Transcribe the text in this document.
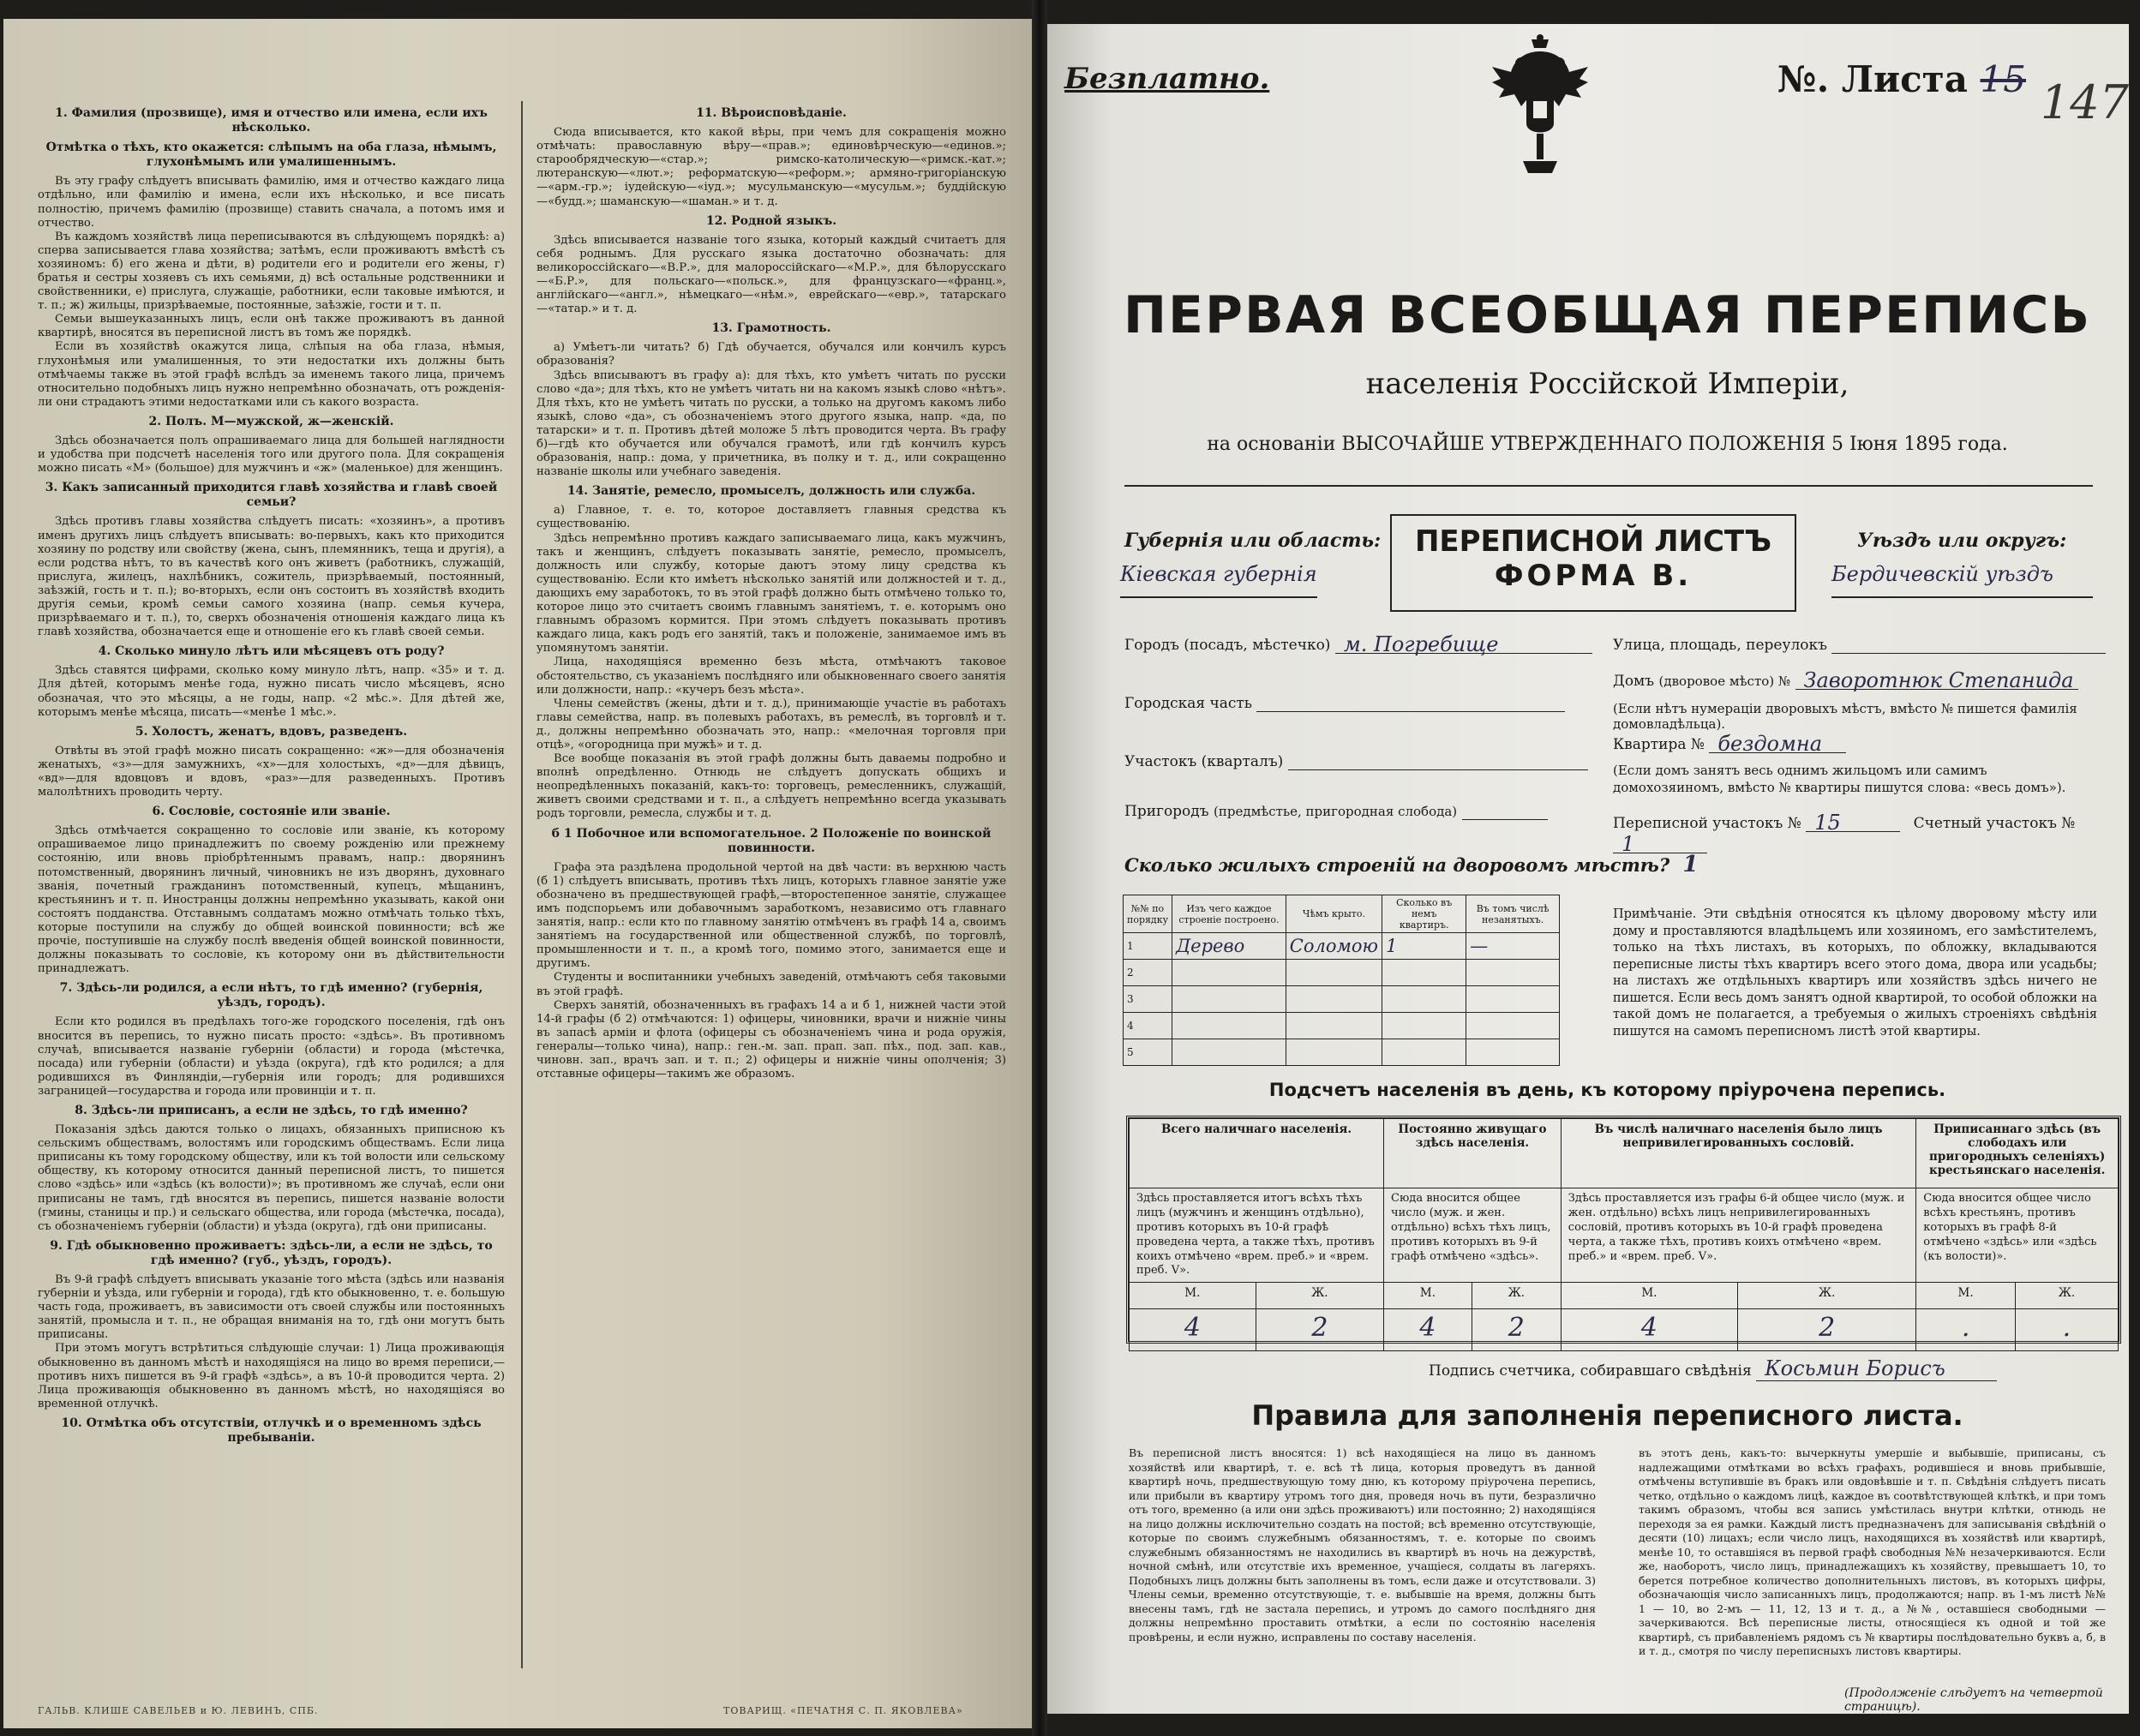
1. Фамилия (прозвище), имя и отчество или имена, если ихъ нѣсколько.
Отмѣтка о тѣхъ, кто окажется: слѣпымъ на оба глаза, нѣмымъ, глухонѣмымъ или умалишеннымъ.

Въ эту графу слѣдуетъ вписывать фамилію, имя и отчество каждаго лица отдѣльно, или фамилію и имена, если ихъ нѣсколько, и все писать полностію, причемъ фамилію (прозвище) ставить сначала, а потомъ имя и отчество.

Въ каждомъ хозяйствѣ лица переписываются въ слѣдующемъ порядкѣ: а) сперва записывается глава хозяйства; затѣмъ, если проживаютъ вмѣстѣ съ хозяиномъ: б) его жена и дѣти, в) родители его и родители его жены, г) братья и сестры хозяевъ съ ихъ семьями, д) всѣ остальные родственники и свойственники, е) прислуга, служащіе, работники, если таковые имѣются, и т. п.; ж) жильцы, призрѣваемые, постоянные, заѣзжіе, гости и т. п.

Семьи вышеуказанныхъ лицъ, если онѣ также проживаютъ въ данной квартирѣ, вносятся въ переписной листъ въ томъ же порядкѣ.

Если въ хозяйствѣ окажутся лица, слѣпыя на оба глаза, нѣмыя, глухонѣмыя или умалишенныя, то эти недостатки ихъ должны быть отмѣчаемы также въ этой графѣ вслѣдъ за именемъ такого лица, причемъ относительно подобныхъ лицъ нужно непремѣнно обозначать, отъ рожденія-ли они страдаютъ этими недостатками или съ какого возраста.

2. Полъ. М—мужской, ж—женскій.

Здѣсь обозначается полъ опрашиваемаго лица для большей наглядности и удобства при подсчетѣ населенія того или другого пола. Для сокращенія можно писать «М» (большое) для мужчинъ и «ж» (маленькое) для женщинъ.

3. Какъ записанный приходится главѣ хозяйства и главѣ своей семьи?

Здѣсь противъ главы хозяйства слѣдуетъ писать: «хозяинъ», а противъ именъ другихъ лицъ слѣдуетъ вписывать: во-первыхъ, какъ кто приходится хозяину по родству или свойству (жена, сынъ, племянникъ, теща и другія), а если родства нѣтъ, то въ качествѣ кого онъ живетъ (работникъ, служащій, прислуга, жилецъ, нахлѣбникъ, сожитель, призрѣваемый, постоянный, заѣзжій, гость и т. п.); во-вторыхъ, если онъ состоитъ въ хозяйствѣ входить другія семьи, кромѣ семьи самого хозяина (напр. семья кучера, призрѣваемаго и т. п.), то, сверхъ обозначенія отношенія каждаго лица къ главѣ хозяйства, обозначается еще и отношеніе его къ главѣ своей семьи.

4. Сколько минуло лѣтъ или мѣсяцевъ отъ роду?

Здѣсь ставятся цифрами, сколько кому минуло лѣтъ, напр. «35» и т. д. Для дѣтей, которымъ менѣе года, нужно писать число мѣсяцевъ, ясно обозначая, что это мѣсяцы, а не годы, напр. «2 мѣс.». Для дѣтей же, которымъ менѣе мѣсяца, писать—«менѣе 1 мѣс.».

5. Холостъ, женатъ, вдовъ, разведенъ.

Отвѣты въ этой графѣ можно писать сокращенно: «ж»—для обозначенія женатыхъ, «з»—для замужнихъ, «х»—для холостыхъ, «д»—для дѣвицъ, «вд»—для вдовцовъ и вдовъ, «раз»—для разведенныхъ. Противъ малолѣтнихъ проводить черту.

6. Сословіе, состояніе или званіе.

Здѣсь отмѣчается сокращенно то сословіе или званіе, къ которому опрашиваемое лицо принадлежитъ по своему рожденію или прежнему состоянію, или вновь пріобрѣтеннымъ правамъ, напр.: дворянинъ потомственный, дворянинъ личный, чиновникъ не изъ дворянъ, духовнаго званія, почетный гражданинъ потомственный, купецъ, мѣщанинъ, крестьянинъ и т. п. Иностранцы должны непремѣнно указывать, какой они состоятъ подданства. Отставнымъ солдатамъ можно отмѣчать только тѣхъ, которые поступили на службу до общей воинской повинности; всѣ же прочіе, поступившіе на службу послѣ введенія общей воинской повинности, должны показывать то сословіе, къ которому они въ дѣйствительности принадлежатъ.

7. Здѣсь-ли родился, а если нѣтъ, то гдѣ именно? (губернія, уѣздъ, городъ).

Если кто родился въ предѣлахъ того-же городского поселенія, гдѣ онъ вносится въ перепись, то нужно писать просто: «здѣсь». Въ противномъ случаѣ, вписывается названіе губерніи (области) и города (мѣстечка, посада) или губерніи (области) и уѣзда (округа), гдѣ кто родился; а для родившихся въ Финляндіи,—губернія или городъ; для родившихся заграницей—государства и города или провинціи и т. п.

8. Здѣсь-ли приписанъ, а если не здѣсь, то гдѣ именно?

Показанія здѣсь даются только о лицахъ, обязанныхъ приписною къ сельскимъ обществамъ, волостямъ или городскимъ обществамъ. Если лица приписаны къ тому городскому обществу, или къ той волости или сельскому обществу, къ которому относится данный переписной листъ, то пишется слово «здѣсь» или «здѣсь (къ волости)»; въ противномъ же случаѣ, если они приписаны не тамъ, гдѣ вносятся въ перепись, пишется названіе волости (гмины, станицы и пр.) и сельскаго общества, или города (мѣстечка, посада), съ обозначеніемъ губерніи (области) и уѣзда (округа), гдѣ они приписаны.

9. Гдѣ обыкновенно проживаетъ: здѣсь-ли, а если не здѣсь, то гдѣ именно? (губ., уѣздъ, городъ).

Въ 9-й графѣ слѣдуетъ вписывать указаніе того мѣста (здѣсь или названія губерніи и уѣзда, или губерніи и города), гдѣ кто обыкновенно, т. е. большую часть года, проживаетъ, въ зависимости отъ своей службы или постоянныхъ занятій, промысла и т. п., не обращая вниманія на то, гдѣ они могутъ быть приписаны.

При этомъ могутъ встрѣтиться слѣдующіе случаи: 1) Лица проживающія обыкновенно въ данномъ мѣстѣ и находящіяся на лицо во время переписи,—противъ нихъ пишется въ 9-й графѣ «здѣсь», а въ 10-й проводится черта. 2) Лица проживающія обыкновенно въ данномъ мѣстѣ, но находящіяся во временной отлучкѣ.

10. Отмѣтка объ отсутствіи, отлучкѣ и о временномъ здѣсь пребываніи.
11. Вѣроисповѣданіе.

Сюда вписывается, кто какой вѣры, при чемъ для сокращенія можно отмѣчать: православную вѣру—«прав.»; единовѣрческую—«единов.»; старообрядческую—«стар.»; римско-католическую—«римск.-кат.»; лютеранскую—«лют.»; реформатскую—«реформ.»; армяно-григоріанскую—«арм.-гр.»; іудейскую—«іуд.»; мусульманскую—«мусульм.»; буддійскую—«будд.»; шаманскую—«шаман.» и т. д.

12. Родной языкъ.

Здѣсь вписывается названіе того языка, который каждый считаетъ для себя роднымъ. Для русскаго языка достаточно обозначать: для великороссійскаго—«В.Р.», для малороссійскаго—«М.Р.», для бѣлорусскаго—«Б.Р.», для польскаго—«польск.», для французскаго—«франц.», англійскаго—«англ.», нѣмецкаго—«нѣм.», еврейскаго—«евр.», татарскаго—«татар.» и т. д.

13. Грамотность.

а) Умѣетъ-ли читать? б) Гдѣ обучается, обучался или кончилъ курсъ образованія?

Здѣсь вписываютъ въ графу а): для тѣхъ, кто умѣетъ читать по русски слово «да»; для тѣхъ, кто не умѣетъ читать ни на какомъ языкѣ слово «нѣтъ». Для тѣхъ, кто не умѣетъ читать по русски, а только на другомъ какомъ либо языкѣ, слово «да», съ обозначеніемъ этого другого языка, напр. «да, по татарски» и т. п. Противъ дѣтей моложе 5 лѣтъ проводится черта. Въ графу б)—гдѣ кто обучается или обучался грамотѣ, или гдѣ кончилъ курсъ образованія, напр.: дома, у причетника, въ полку и т. д., или сокращенно названіе школы или учебнаго заведенія.

14. Занятіе, ремесло, промыселъ, должность или служба.

а) Главное, т. е. то, которое доставляетъ главныя средства къ существованію.

Здѣсь непремѣнно противъ каждаго записываемаго лица, какъ мужчинъ, такъ и женщинъ, слѣдуетъ показывать занятіе, ремесло, промыселъ, должность или службу, которые даютъ этому лицу средства къ существованію. Если кто имѣетъ нѣсколько занятій или должностей и т. д., дающихъ ему заработокъ, то въ этой графѣ должно быть отмѣчено только то, которое лицо это считаетъ своимъ главнымъ занятіемъ, т. е. которымъ оно главнымъ образомъ кормится. При этомъ слѣдуетъ показывать противъ каждаго лица, какъ родъ его занятій, такъ и положеніе, занимаемое имъ въ упомянутомъ занятіи.

Лица, находящіяся временно безъ мѣста, отмѣчаютъ таковое обстоятельство, съ указаніемъ послѣдняго или обыкновеннаго своего занятія или должности, напр.: «кучеръ безъ мѣста».

Члены семействъ (жены, дѣти и т. д.), принимающіе участіе въ работахъ главы семейства, напр. въ полевыхъ работахъ, въ ремеслѣ, въ торговлѣ и т. д., должны непремѣнно обозначать это, напр.: «мелочная торговля при отцѣ», «огородница при мужѣ» и т. д.

Все вообще показанія въ этой графѣ должны быть даваемы подробно и вполнѣ опредѣленно. Отнюдь не слѣдуетъ допускать общихъ и неопредѣленныхъ показаній, какъ-то: торговецъ, ремесленникъ, служащій, живетъ своими средствами и т. п., а слѣдуетъ непремѣнно всегда указывать родъ торговли, ремесла, службы и т. д.

б 1 Побочное или вспомогательное. 2 Положеніе по воинской повинности.

Графа эта раздѣлена продольной чертой на двѣ части: въ верхнюю часть (б 1) слѣдуетъ вписывать, противъ тѣхъ лицъ, которыхъ главное занятіе уже обозначено въ предшествующей графѣ,—второстепенное занятіе, служащее имъ подспорьемъ или добавочнымъ заработкомъ, независимо отъ главнаго занятія, напр.: если кто по главному занятію отмѣченъ въ графѣ 14 а, своимъ занятіемъ на государственной или общественной службѣ, по торговлѣ, промышленности и т. п., а кромѣ того, помимо этого, занимается еще и другимъ.

Студенты и воспитанники учебныхъ заведеній, отмѣчаютъ себя таковыми въ этой графѣ.

Сверхъ занятій, обозначенныхъ въ графахъ 14 а и б 1, нижней части этой 14-й графы (б 2) отмѣчаются: 1) офицеры, чиновники, врачи и нижніе чины въ запасѣ арміи и флота (офицеры съ обозначеніемъ чина и рода оружія, генералы—только чина), напр.: ген.-м. зап. прап. зап. пѣх., под. зап. кав., чиновн. зап., врачъ зап. и т. п.; 2) офицеры и нижніе чины ополченія; 3) отставные офицеры—такимъ же образомъ.

ГАЛЬВ. КЛИШЕ САВЕЛЬЕВ и Ю. ЛЕВИНЪ, СПБ.	ТОВАРИЩ. «ПЕЧАТНЯ С. П. ЯКОВЛЕВА»
Безплатно.	№. Листа 15 147
ПЕРВАЯ ВСЕОБЩАЯ ПЕРЕПИСЬ
населенія Россійской Имперіи,
на основаніи ВЫСОЧАЙШЕ УТВЕРЖДЕННАГО ПОЛОЖЕНІЯ 5 Іюня 1895 года.
Губернія или область:
Кіевская губернія
ПЕРЕПИСНОЙ ЛИСТЪ
ФОРМА В.
Уѣздъ или округъ:
Бердичевскій уѣздъ
Городъ (посадъ, мѣстечко) м. Погребище
Городская часть
Участокъ (кварталъ)
Пригородъ (предмѣстье, пригородная слобода)
Улица, площадь, переулокъ
Домъ (дворовое мѣсто) № Заворотнюк Степанида
(Если нѣтъ нумераціи дворовыхъ мѣстъ, вмѣсто № пишется фамилія домовладѣльца).
Квартира № бездомна
(Если домъ занятъ весь однимъ жильцомъ или самимъ домохозяиномъ, вмѣсто № квартиры пишутся слова: «весь домъ»).
Переписной участокъ № 15	Счетный участокъ № 1
Сколько жилыхъ строеній на дворовомъ мѣстѣ? 1
№№ по порядку	Изъ чего каждое строеніе построено.	Чѣмъ крыто.	Сколько въ немъ квартиръ.	Въ томъ числѣ незанятыхъ.
1	Дерево	Соломою	1	—
2				
3				
4				
5				
Примѣчаніе. Эти свѣдѣнія относятся къ цѣлому дворовому мѣсту или дому и проставляются владѣльцемъ или хозяиномъ, его замѣстителемъ, только на тѣхъ листахъ, въ которыхъ, по обложку, вкладываются переписные листы тѣхъ квартиръ всего этого дома, двора или усадьбы; на листахъ же отдѣльныхъ квартиръ или хозяйствъ здѣсь ничего не пишется. Если весь домъ занятъ одной квартирой, то особой обложки на такой домъ не полагается, а требуемыя о жилыхъ строеніяхъ свѣдѣнія пишутся на самомъ переписномъ листѣ этой квартиры.
Подсчетъ населенія въ день, къ которому пріурочена перепись.
Всего наличнаго населенія.		Постоянно живущаго здѣсь населенія.		Въ числѣ наличнаго населенія было лицъ непривилегированныхъ сословій.		Приписаннаго здѣсь (въ слободахъ или пригородныхъ селеніяхъ) крестьянскаго населенія.	
Здѣсь проставляется итогъ всѣхъ тѣхъ лицъ (мужчинъ и женщинъ отдѣльно), противъ которыхъ въ 10-й графѣ проведена черта, а также тѣхъ, противъ коихъ отмѣчено «врем. преб.» и «врем. преб. V».		Сюда вносится общее число (муж. и жен. отдѣльно) всѣхъ тѣхъ лицъ, противъ которыхъ въ 9-й графѣ отмѣчено «здѣсь».		Здѣсь проставляется изъ графы 6-й общее число (муж. и жен. отдѣльно) всѣхъ лицъ непривилегированныхъ сословій, противъ которыхъ въ 10-й графѣ проведена черта, а также тѣхъ, противъ коихъ отмѣчено «врем. преб.» и «врем. преб. V».		Сюда вносится общее число всѣхъ крестьянъ, противъ которыхъ въ графѣ 8-й отмѣчено «здѣсь» или «здѣсь (къ волости)».	
М.	Ж.	М.	Ж.	М.	Ж.	М.	Ж.
4	2	4	2	4	2	.	.
Подпись счетчика, собиравшаго свѣдѣнія Косьмин Борисъ
Правила для заполненія переписного листа.
Въ переписной листъ вносятся: 1) всѣ находящіеся на лицо въ данномъ хозяйствѣ или квартирѣ, т. е. всѣ тѣ лица, которыя проведутъ въ данной квартирѣ ночь, предшествующую тому дню, къ которому пріурочена перепись, или прибыли въ квартиру утромъ того дня, проведя ночь въ пути, безразлично отъ того, временно (а или они здѣсь проживаютъ) или постоянно; 2) находящіяся на лицо должны исключительно создать на постой; всѣ временно отсутствующіе, которые по своимъ служебнымъ обязанностямъ, т. е. которые по своимъ служебнымъ обязанностямъ не находились въ квартирѣ въ ночь на дежурствѣ, ночной смѣнѣ, или отсутствіе ихъ временное, учащіеся, солдаты въ лагеряхъ. Подобныхъ лицъ должны быть заполнены въ томъ, если даже и отсутствовали. 3) Члены семьи, временно отсутствующіе, т. е. выбывшіе на время, должны быть внесены тамъ, гдѣ не застала перепись, и утромъ до самого послѣдняго дня должны непремѣнно проставить отмѣтки, а если по состоянію населенія провѣрены, и если нужно, исправлены по составу населенія.
въ этотъ день, какъ-то: вычеркнуты умершіе и выбывшіе, приписаны, съ надлежащими отмѣтками во всѣхъ графахъ, родившіеся и вновь прибывшіе, отмѣчены вступившіе въ бракъ или овдовѣвшіе и т. п. Свѣдѣнія слѣдуетъ писать четко, отдѣльно о каждомъ лицѣ, каждое въ соотвѣтствующей клѣткѣ, и при томъ такимъ образомъ, чтобы вся запись умѣстилась внутри клѣтки, отнюдь не переходя за ея рамки. Каждый листъ предназначенъ для записыванія свѣдѣній о десяти (10) лицахъ; если число лицъ, находящихся въ хозяйствѣ или квартирѣ, менѣе 10, то оставшіяся въ первой графѣ свободныя №№ незачеркиваются. Если же, наоборотъ, число лицъ, принадлежащихъ къ хозяйству, превышаетъ 10, то берется потребное количество дополнительныхъ листовъ, въ которыхъ цифры, обозначающія число записанныхъ лицъ, продолжаются; напр. въ 1-мъ листѣ №№ 1 — 10, во 2-мъ — 11, 12, 13 и т. д., а №№, оставшіеся свободными — зачеркиваются. Всѣ переписные листы, относящіеся къ одной и той же квартирѣ, съ прибавленіемъ рядомъ съ № квартиры послѣдовательно буквъ а, б, в и т. д., смотря по числу переписныхъ листовъ квартиры.
(Продолженіе слѣдуетъ на четвертой страницѣ).
